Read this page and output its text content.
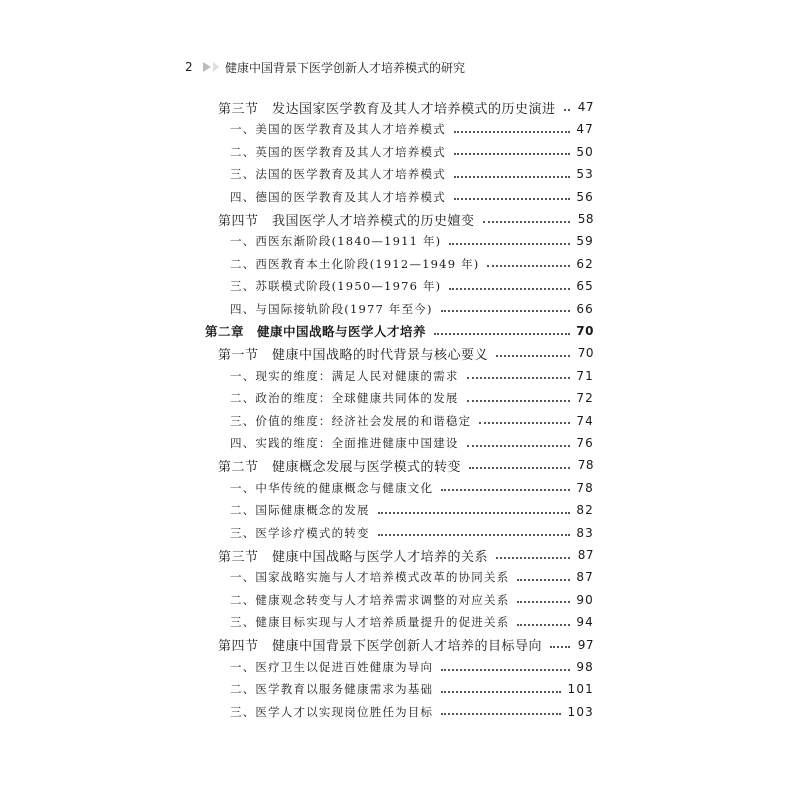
2	健康中国背景下医学创新人才培养模式的研究
第三节　发达国家医学教育及其人才培养模式的历史演进 47
一、美国的医学教育及其人才培养模式	47
二、英国的医学教育及其人才培养模式	50
三、法国的医学教育及其人才培养模式	53
四、德国的医学教育及其人才培养模式	56
第四节　我国医学人才培养模式的历史嬗变	58
一、西医东渐阶段(1840—1911 年)	59
二、西医教育本土化阶段(1912—1949 年)	62
三、苏联模式阶段(1950—1976 年)	65
四、与国际接轨阶段(1977 年至今)	66
第二章　健康中国战略与医学人才培养	70
第一节　健康中国战略的时代背景与核心要义	70
一、现实的维度：满足人民对健康的需求	71
二、政治的维度：全球健康共同体的发展	72
三、价值的维度：经济社会发展的和谐稳定	74
四、实践的维度：全面推进健康中国建设	76
第二节　健康概念发展与医学模式的转变	78
一、中华传统的健康概念与健康文化	78
二、国际健康概念的发展	82
三、医学诊疗模式的转变	83
第三节　健康中国战略与医学人才培养的关系	87
一、国家战略实施与人才培养模式改革的协同关系	87
二、健康观念转变与人才培养需求调整的对应关系	90
三、健康目标实现与人才培养质量提升的促进关系	94
第四节　健康中国背景下医学创新人才培养的目标导向	97
一、医疗卫生以促进百姓健康为导向	98
二、医学教育以服务健康需求为基础	101
三、医学人才以实现岗位胜任为目标	103
